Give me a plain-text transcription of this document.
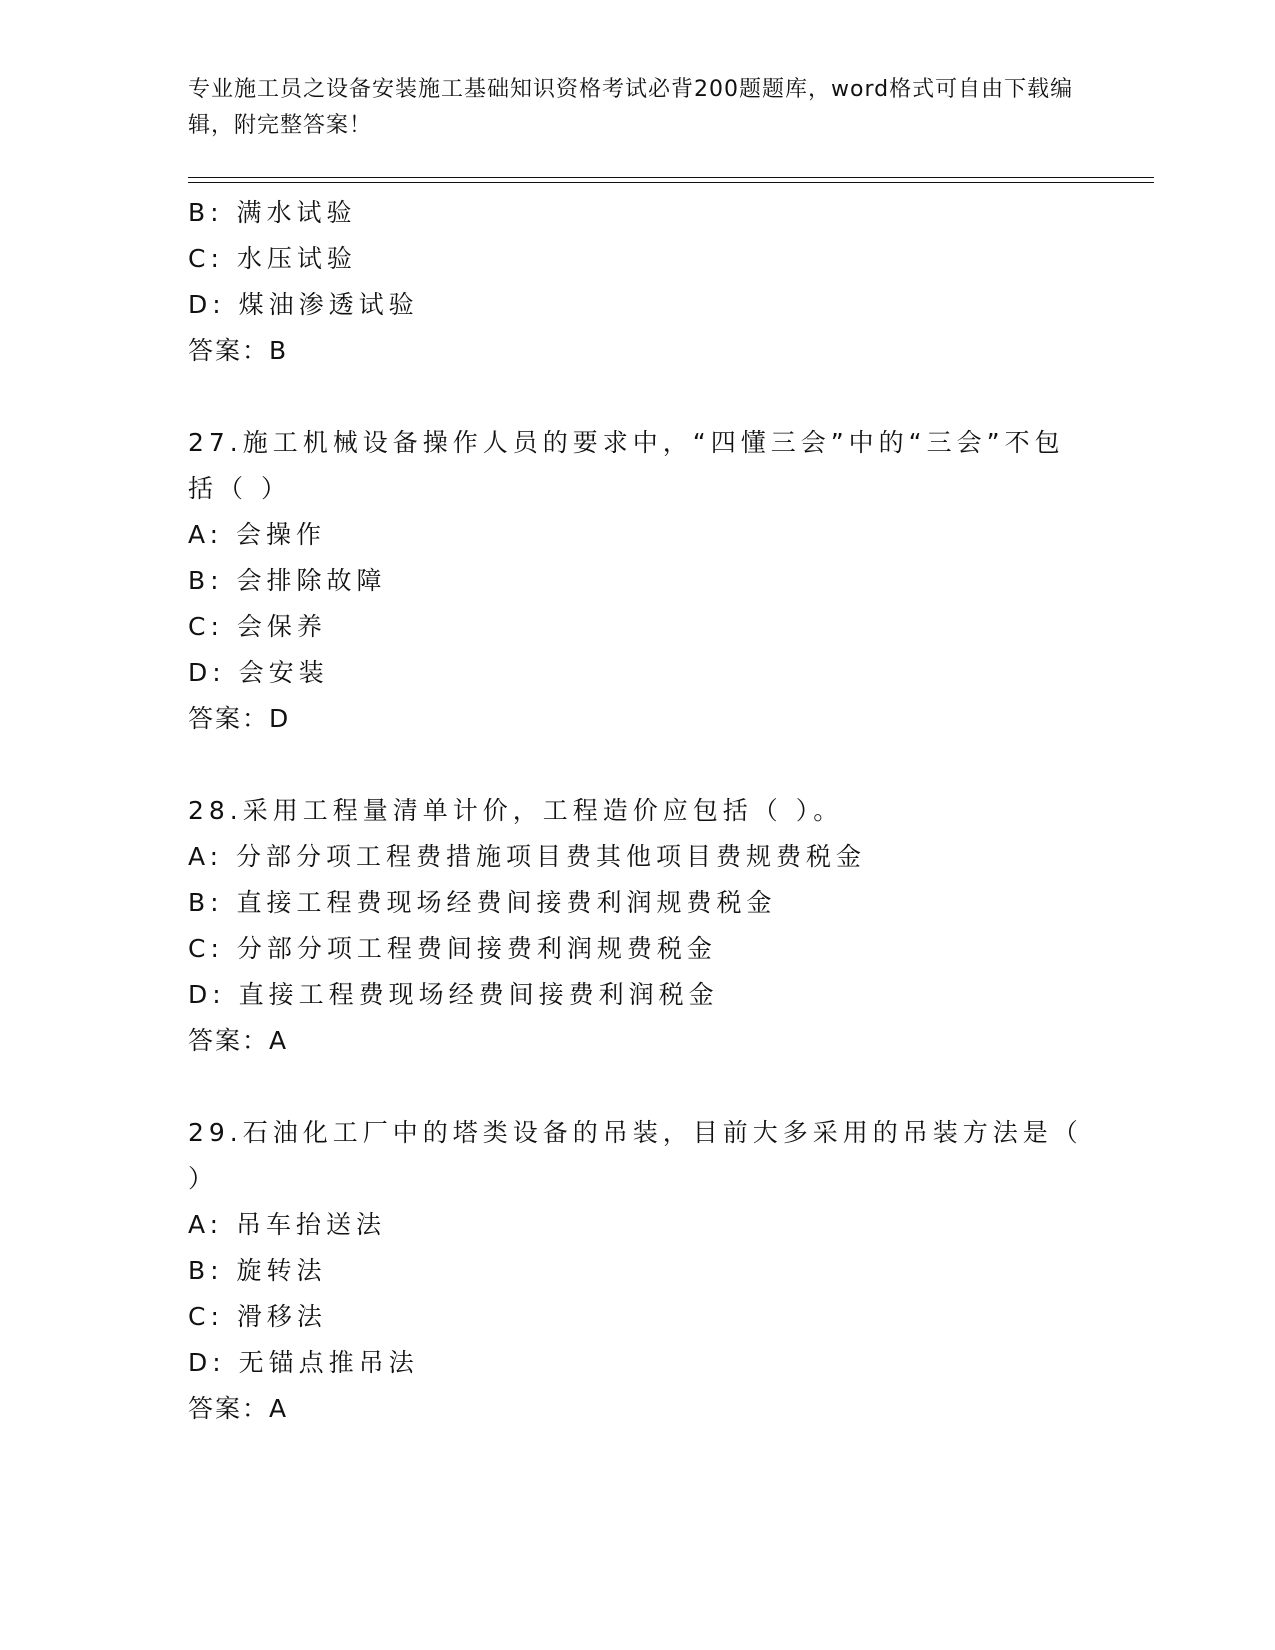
专业施工员之设备安装施工基础知识资格考试必背200题题库，word格式可自由下载编辑，附完整答案！
B: 满水试验
C: 水压试验
D: 煤油渗透试验
答案：B
27.施工机械设备操作人员的要求中，“四懂三会”中的“三会”不包括（ ）
A: 会操作
B: 会排除故障
C: 会保养
D: 会安装
答案：D
28.采用工程量清单计价，工程造价应包括（ ）。
A: 分部分项工程费措施项目费其他项目费规费税金
B: 直接工程费现场经费间接费利润规费税金
C: 分部分项工程费间接费利润规费税金
D: 直接工程费现场经费间接费利润税金
答案：A
29.石油化工厂中的塔类设备的吊装，目前大多采用的吊装方法是（ ）
A: 吊车抬送法
B: 旋转法
C: 滑移法
D: 无锚点推吊法
答案：A
